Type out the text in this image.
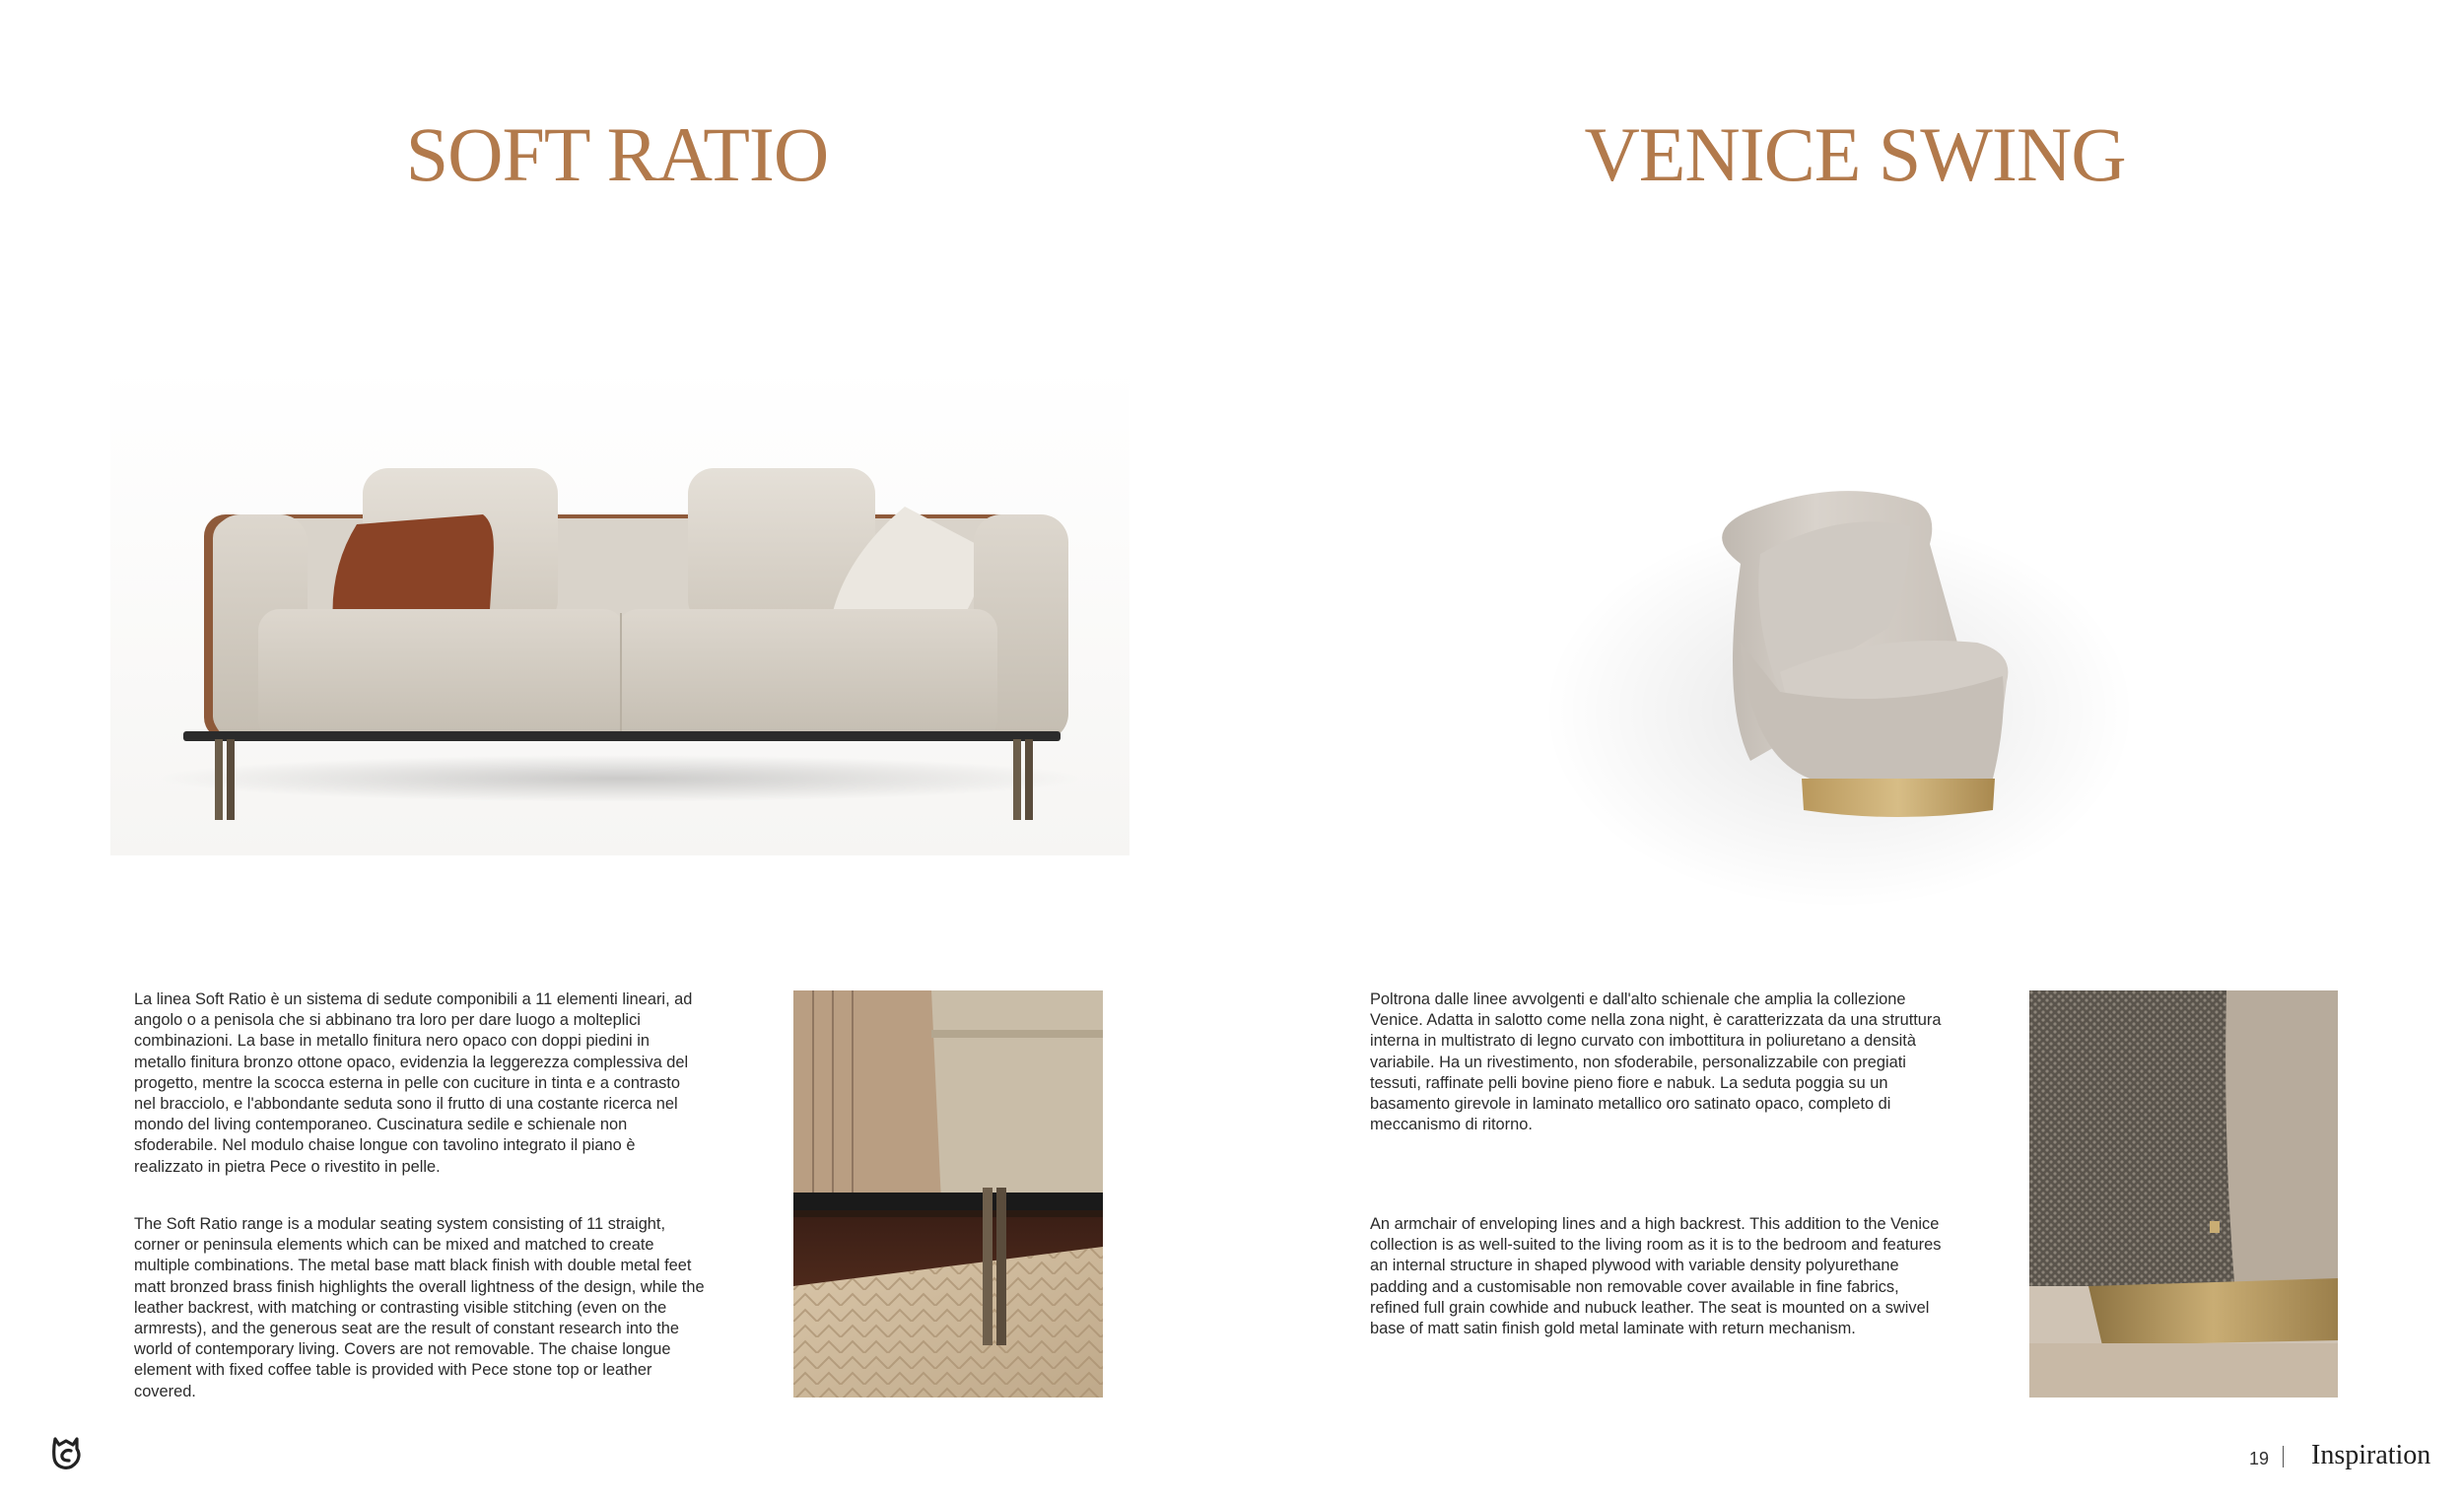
SOFT RATIO	VENICE SWING

La linea Soft Ratio è un sistema di sedute componibili a 11 elementi lineari, ad angolo o a penisola che si abbinano tra loro per dare luogo a molteplici combinazioni. La base in metallo finitura nero opaco con doppi piedini in metallo finitura bronzo ottone opaco, evidenzia la leggerezza complessiva del progetto, mentre la scocca esterna in pelle con cuciture in tinta e a contrasto nel bracciolo, e l'abbondante seduta sono il frutto di una costante ricerca nel mondo del living contemporaneo. Cuscinatura sedile e schienale non sfoderabile. Nel modulo chaise longue con tavolino integrato il piano è realizzato in pietra Pece o rivestito in pelle.

The Soft Ratio range is a modular seating system consisting of 11 straight, corner or peninsula elements which can be mixed and matched to create multiple combinations. The metal base matt black finish with double metal feet matt bronzed brass finish highlights the overall lightness of the design, while the leather backrest, with matching or contrasting visible stitching (even on the armrests), and the generous seat are the result of constant research into the world of contemporary living. Covers are not removable. The chaise longue element with fixed coffee table is provided with Pece stone top or leather covered.

Poltrona dalle linee avvolgenti e dall'alto schienale che amplia la collezione Venice. Adatta in salotto come nella zona night, è caratterizzata da una struttura interna in multistrato di legno curvato con imbottitura in poliuretano a densità variabile. Ha un rivestimento, non sfoderabile, personalizzabile con pregiati tessuti, raffinate pelli bovine pieno fiore e nabuk. La seduta poggia su un basamento girevole in laminato metallico oro satinato opaco, completo di meccanismo di ritorno.

An armchair of enveloping lines and a high backrest. This addition to the Venice collection is as well-suited to the living room as it is to the bedroom and features an internal structure in shaped plywood with variable density polyurethane padding and a customisable non removable cover available in fine fabrics, refined full grain cowhide and nubuck leather. The seat is mounted on a swivel base of matt satin finish gold metal laminate with return mechanism.

19 Inspiration
